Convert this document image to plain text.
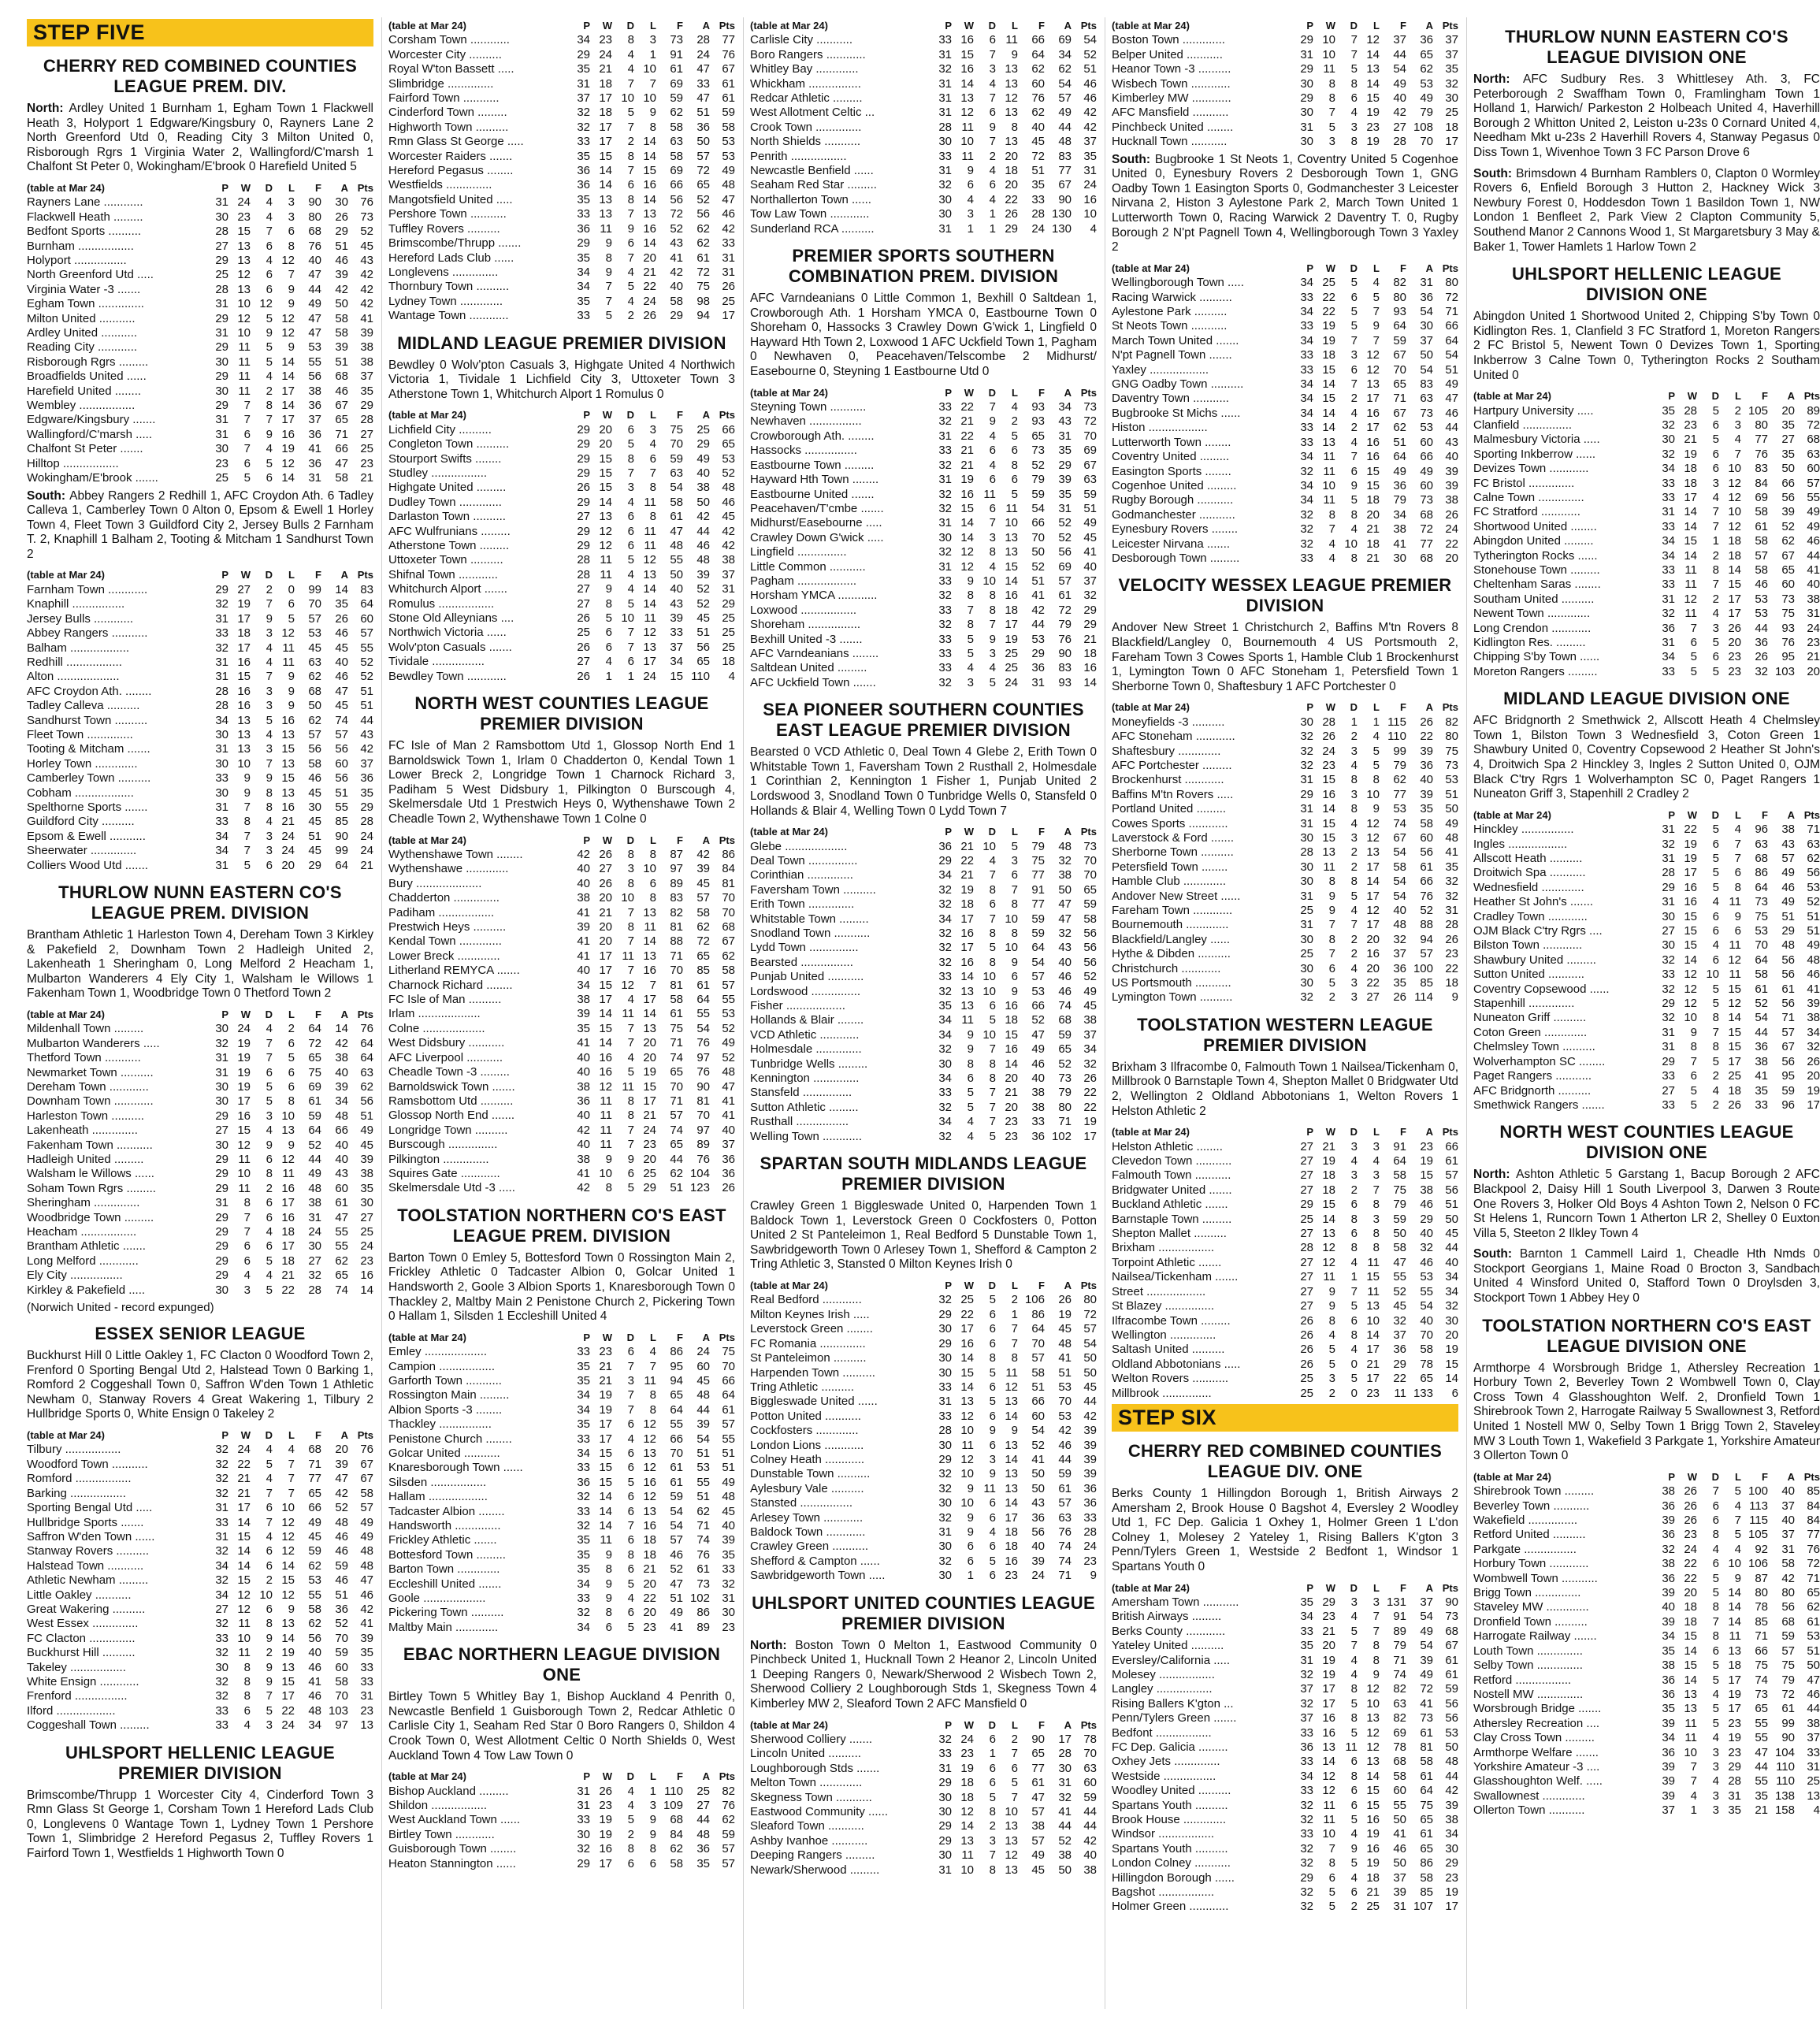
STEP FIVE
CHERRY RED COMBINED COUNTIES LEAGUE PREM. DIV.

North: Ardley United 1 Burnham 1, Egham Town 1 Flackwell Heath 3, Holyport 1 Edgware/Kingsbury 0, Rayners Lane 2 North Greenford Utd 0, Reading City 3 Milton United 0, Risborough Rgrs 1 Virginia Water 2, Wallingford/C'marsh 1 Chalfont St Peter 0, Wokingham/E'brook 0 Harefield United 5

(table at Mar 24)	P	W	D	L	F	A	Pts
Rayners Lane ............	31	24	4	3	90	30	76
Flackwell Heath .........	30	23	4	3	80	26	73
Bedfont Sports ..........	28	15	7	6	68	29	52
Burnham .................	27	13	6	8	76	51	45
Holyport ................	29	13	4	12	40	46	43
North Greenford Utd .....	25	12	6	7	47	39	42
Virginia Water -3 .......	28	13	6	9	44	42	42
Egham Town ..............	31	10	12	9	49	50	42
Milton United ...........	29	12	5	12	47	58	41
Ardley United ...........	31	10	9	12	47	58	39
Reading City ............	29	11	5	9	53	39	38
Risborough Rgrs .........	30	11	5	14	55	51	38
Broadfields United ......	29	11	4	14	56	68	37
Harefield United ........	30	11	2	17	38	46	35
Wembley .................	29	7	8	14	36	67	29
Edgware/Kingsbury .......	31	7	7	17	37	65	28
Wallingford/C'marsh .....	31	6	9	16	36	71	27
Chalfont St Peter .......	30	7	4	19	41	66	25
Hilltop .................	23	6	5	12	36	47	23
Wokingham/E'brook .......	25	5	6	14	31	58	21

South: Abbey Rangers 2 Redhill 1, AFC Croydon Ath. 6 Tadley Calleva 1, Camberley Town 0 Alton 0, Epsom & Ewell 1 Horley Town 4, Fleet Town 3 Guildford City 2, Jersey Bulls 2 Farnham T. 2, Knaphill 1 Balham 2, Tooting & Mitcham 1 Sandhurst Town 2

(table at Mar 24)	P	W	D	L	F	A	Pts
Farnham Town ............	29	27	2	0	99	14	83
Knaphill ................	32	19	7	6	70	35	64
Jersey Bulls ............	31	17	9	5	57	26	60
Abbey Rangers ...........	33	18	3	12	53	46	57
Balham ..................	32	17	4	11	45	45	55
Redhill .................	31	16	4	11	63	40	52
Alton ...................	31	15	7	9	62	46	52
AFC Croydon Ath. ........	28	16	3	9	68	47	51
Tadley Calleva ..........	28	16	3	9	50	45	51
Sandhurst Town ..........	34	13	5	16	62	74	44
Fleet Town ..............	30	13	4	13	57	57	43
Tooting & Mitcham .......	31	13	3	15	56	56	42
Horley Town .............	30	10	7	13	58	60	37
Camberley Town ..........	33	9	9	15	46	56	36
Cobham ..................	30	9	8	13	45	51	35
Spelthorne Sports .......	31	7	8	16	30	55	29
Guildford City ..........	33	8	4	21	45	85	28
Epsom & Ewell ...........	34	7	3	24	51	90	24
Sheerwater ..............	34	7	3	24	45	99	24
Colliers Wood Utd .......	31	5	6	20	29	64	21
THURLOW NUNN EASTERN CO'S LEAGUE PREM. DIVISION

Brantham Athletic 1 Harleston Town 4, Dereham Town 3 Kirkley & Pakefield 2, Downham Town 2 Hadleigh United 2, Lakenheath 1 Sheringham 0, Long Melford 2 Heacham 1, Mulbarton Wanderers 4 Ely City 1, Walsham le Willows 1 Fakenham Town 1, Woodbridge Town 0 Thetford Town 2

(table at Mar 24)	P	W	D	L	F	A	Pts
Mildenhall Town .........	30	24	4	2	64	14	76
Mulbarton Wanderers .....	32	19	7	6	72	42	64
Thetford Town ...........	31	19	7	5	65	38	64
Newmarket Town ..........	31	19	6	6	75	40	63
Dereham Town ............	30	19	5	6	69	39	62
Downham Town ............	30	17	5	8	61	34	56
Harleston Town ..........	29	16	3	10	59	48	51
Lakenheath ..............	27	15	4	13	64	66	49
Fakenham Town ...........	30	12	9	9	52	40	45
Hadleigh United .........	29	11	6	12	44	40	39
Walsham le Willows ......	29	10	8	11	49	43	38
Soham Town Rgrs .........	29	11	2	16	48	60	35
Sheringham ..............	31	8	6	17	38	61	30
Woodbridge Town .........	29	7	6	16	31	47	27
Heacham .................	29	7	4	18	24	55	25
Brantham Athletic .......	29	6	6	17	30	55	24
Long Melford ............	29	6	5	18	27	62	23
Ely City ................	29	4	4	21	32	65	16
Kirkley & Pakefield .....	30	3	5	22	28	74	14
(Norwich United - record expunged)
ESSEX SENIOR LEAGUE

Buckhurst Hill 0 Little Oakley 1, FC Clacton 0 Woodford Town 2, Frenford 0 Sporting Bengal Utd 2, Halstead Town 0 Barking 1, Romford 2 Coggeshall Town 0, Saffron W'den Town 1 Athletic Newham 0, Stanway Rovers 4 Great Wakering 1, Tilbury 2 Hullbridge Sports 0, White Ensign 0 Takeley 2

(table at Mar 24)	P	W	D	L	F	A	Pts
Tilbury .................	32	24	4	4	68	20	76
Woodford Town ...........	32	22	5	7	71	39	67
Romford .................	32	21	4	7	77	47	67
Barking .................	32	21	7	7	65	42	58
Sporting Bengal Utd .....	31	17	6	10	66	52	57
Hullbridge Sports .......	33	14	7	12	49	48	49
Saffron W'den Town ......	31	15	4	12	45	46	49
Stanway Rovers ..........	32	14	6	12	59	46	48
Halstead Town ...........	34	14	6	14	62	59	48
Athletic Newham .........	32	15	2	15	53	46	47
Little Oakley ...........	34	12	10	12	55	51	46
Great Wakering ..........	27	12	6	9	58	36	42
West Essex ..............	32	11	8	13	62	52	41
FC Clacton ..............	33	10	9	14	56	70	39
Buckhurst Hill ..........	32	11	2	19	40	59	35
Takeley .................	30	8	9	13	46	60	33
White Ensign ............	32	8	9	15	41	58	33
Frenford ................	32	8	7	17	46	70	31
Ilford ..................	33	6	5	22	48	103	23
Coggeshall Town .........	33	4	3	24	34	97	13
UHLSPORT HELLENIC LEAGUE PREMIER DIVISION

Brimscombe/Thrupp 1 Worcester City 4, Cinderford Town 3 Rmn Glass St George 1, Corsham Town 1 Hereford Lads Club 0, Longlevens 0 Wantage Town 1, Lydney Town 1 Pershore Town 1, Slimbridge 2 Hereford Pegasus 2, Tuffley Rovers 1 Fairford Town 1, Westfields 1 Highworth Town 0

(table at Mar 24)	P	W	D	L	F	A	Pts
Corsham Town ............	34	23	8	3	73	28	77
Worcester City ..........	29	24	4	1	91	24	76
Royal W'ton Bassett .....	35	21	4	10	61	47	67
Slimbridge ..............	31	18	7	7	69	33	61
Fairford Town ...........	37	17	10	10	59	47	61
Cinderford Town .........	32	18	5	9	62	51	59
Highworth Town ..........	32	17	7	8	58	36	58
Rmn Glass St George .....	33	17	2	14	63	50	53
Worcester Raiders .......	35	15	8	14	58	57	53
Hereford Pegasus ........	36	14	7	15	69	72	49
Westfields ..............	36	14	6	16	66	65	48
Mangotsfield United .....	35	13	8	14	56	52	47
Pershore Town ...........	33	13	7	13	72	56	46
Tuffley Rovers ..........	36	11	9	16	52	62	42
Brimscombe/Thrupp .......	29	9	6	14	43	62	33
Hereford Lads Club ......	35	8	7	20	41	61	31
Longlevens ..............	34	9	4	21	42	72	31
Thornbury Town ..........	34	7	5	22	40	75	26
Lydney Town .............	35	7	4	24	58	98	25
Wantage Town ............	33	5	2	26	29	94	17
MIDLAND LEAGUE PREMIER DIVISION

Bewdley 0 Wolv'pton Casuals 3, Highgate United 4 Northwich Victoria 1, Tividale 1 Lichfield City 3, Uttoxeter Town 3 Atherstone Town 1, Whitchurch Alport 1 Romulus 0

(table at Mar 24)	P	W	D	L	F	A	Pts
Lichfield City ..........	29	20	6	3	75	25	66
Congleton Town ..........	29	20	5	4	70	29	65
Stourport Swifts ........	29	15	8	6	59	49	53
Studley .................	29	15	7	7	63	40	52
Highgate United .........	26	15	3	8	54	38	48
Dudley Town .............	29	14	4	11	58	50	46
Darlaston Town ..........	27	13	6	8	61	42	45
AFC Wulfrunians .........	29	12	6	11	47	44	42
Atherstone Town .........	29	12	6	11	48	46	42
Uttoxeter Town ..........	28	11	5	12	55	48	38
Shifnal Town ............	28	11	4	13	50	39	37
Whitchurch Alport .......	27	9	4	14	40	52	31
Romulus .................	27	8	5	14	43	52	29
Stone Old Alleynians ....	26	5	10	11	39	45	25
Northwich Victoria ......	25	6	7	12	33	51	25
Wolv'pton Casuals .......	26	6	7	13	37	56	25
Tividale ................	27	4	6	17	34	65	18
Bewdley Town ............	26	1	1	24	15	110	4
NORTH WEST COUNTIES LEAGUE PREMIER DIVISION

FC Isle of Man 2 Ramsbottom Utd 1, Glossop North End 1 Barnoldswick Town 1, Irlam 0 Chadderton 0, Kendal Town 1 Lower Breck 2, Longridge Town 1 Charnock Richard 3, Padiham 5 West Didsbury 1, Pilkington 0 Burscough 4, Skelmersdale Utd 1 Prestwich Heys 0, Wythenshawe Town 2 Cheadle Town 2, Wythenshawe Town 1 Colne 0

(table at Mar 24)	P	W	D	L	F	A	Pts
Wythenshawe Town ........	42	26	8	8	87	42	86
Wythenshawe .............	40	27	3	10	97	39	84
Bury ....................	40	26	8	6	89	45	81
Chadderton ..............	38	20	10	8	83	57	70
Padiham .................	41	21	7	13	82	58	70
Prestwich Heys ..........	39	20	8	11	81	62	68
Kendal Town .............	41	20	7	14	88	72	67
Lower Breck .............	41	17	11	13	71	65	62
Litherland REMYCA .......	40	17	7	16	70	85	58
Charnock Richard ........	34	15	12	7	81	61	57
FC Isle of Man ..........	38	17	4	17	58	64	55
Irlam ...................	39	14	11	14	61	55	53
Colne ...................	35	15	7	13	75	54	52
West Didsbury ...........	41	14	7	20	71	76	49
AFC Liverpool ...........	40	16	4	20	74	97	52
Cheadle Town -3 .........	40	16	5	19	65	76	48
Barnoldswick Town .......	38	12	11	15	70	90	47
Ramsbottom Utd ..........	36	11	8	17	71	81	41
Glossop North End .......	40	11	8	21	57	70	41
Longridge Town ..........	42	11	7	24	74	97	40
Burscough ...............	40	11	7	23	65	89	37
Pilkington ..............	38	9	9	20	44	76	36
Squires Gate ............	41	10	6	25	62	104	36
Skelmersdale Utd -3 .....	42	8	5	29	51	123	26
TOOLSTATION NORTHERN CO'S EAST LEAGUE PREM. DIVISION

Barton Town 0 Emley 5, Bottesford Town 0 Rossington Main 2, Frickley Athletic 0 Tadcaster Albion 0, Golcar United 1 Handsworth 2, Goole 3 Albion Sports 1, Knaresborough Town 0 Thackley 2, Maltby Main 2 Penistone Church 2, Pickering Town 0 Hallam 1, Silsden 1 Eccleshill United 4

(table at Mar 24)	P	W	D	L	F	A	Pts
Emley ...................	33	23	6	4	86	24	75
Campion .................	35	21	7	7	95	60	70
Garforth Town ...........	35	21	3	11	94	45	66
Rossington Main .........	34	19	7	8	65	48	64
Albion Sports -3 ........	34	19	7	8	64	44	61
Thackley ................	35	17	6	12	55	39	57
Penistone Church ........	33	17	4	12	66	54	55
Golcar United ...........	34	15	6	13	70	51	51
Knaresborough Town ......	33	15	6	12	61	53	51
Silsden .................	36	15	5	16	61	55	49
Hallam ..................	32	14	6	12	59	51	48
Tadcaster Albion ........	33	14	6	13	54	62	45
Handsworth ..............	32	14	7	16	54	71	40
Frickley Athletic .......	35	11	6	18	57	74	39
Bottesford Town .........	35	9	8	18	46	76	35
Barton Town .............	35	8	6	21	52	61	33
Eccleshill United .......	34	9	5	20	47	73	32
Goole ...................	33	9	4	22	51	102	31
Pickering Town ..........	32	8	6	20	49	86	30
Maltby Main .............	34	6	5	23	41	89	23
EBAC NORTHERN LEAGUE DIVISION ONE

Birtley Town 5 Whitley Bay 1, Bishop Auckland 4 Penrith 0, Newcastle Benfield 1 Guisborough Town 2, Redcar Athletic 0 Carlisle City 1, Seaham Red Star 0 Boro Rangers 0, Shildon 4 Crook Town 0, West Allotment Celtic 0 North Shields 0, West Auckland Town 4 Tow Law Town 0

(table at Mar 24)	P	W	D	L	F	A	Pts
Bishop Auckland .........	31	26	4	1	110	25	82
Shildon .................	31	23	4	3	109	27	76
West Auckland Town ......	33	19	5	9	68	44	62
Birtley Town ............	30	19	2	9	84	48	59
Guisborough Town ........	32	16	8	8	62	36	57
Heaton Stannington ......	29	17	6	6	58	35	57
(table at Mar 24)	P	W	D	L	F	A	Pts
Carlisle City ...........	33	16	6	11	66	69	54
Boro Rangers ............	31	15	7	9	64	34	52
Whitley Bay .............	32	16	3	13	62	62	51
Whickham ................	31	14	4	13	60	54	46
Redcar Athletic .........	31	13	7	12	76	57	46
West Allotment Celtic ...	31	12	6	13	62	49	42
Crook Town ..............	28	11	9	8	40	44	42
North Shields ...........	30	10	7	13	45	48	37
Penrith .................	33	11	2	20	72	83	35
Newcastle Benfield ......	31	9	4	18	51	77	31
Seaham Red Star .........	32	6	6	20	35	67	24
Northallerton Town ......	30	4	4	22	33	90	16
Tow Law Town ............	30	3	1	26	28	130	10
Sunderland RCA ..........	31	1	1	29	24	130	4
PREMIER SPORTS SOUTHERN COMBINATION PREM. DIVISION

AFC Varndeanians 0 Little Common 1, Bexhill 0 Saltdean 1, Crowborough Ath. 1 Horsham YMCA 0, Eastbourne Town 0 Shoreham 0, Hassocks 3 Crawley Down G'wick 1, Lingfield 0 Hayward Hth Town 2, Loxwood 1 AFC Uckfield Town 1, Pagham 0 Newhaven 0, Peacehaven/Telscombe 2 Midhurst/ Easebourne 0, Steyning 1 Eastbourne Utd 0

(table at Mar 24)	P	W	D	L	F	A	Pts
Steyning Town ...........	33	22	7	4	93	34	73
Newhaven ................	32	21	9	2	93	43	72
Crowborough Ath. ........	31	22	4	5	65	31	70
Hassocks ................	33	21	6	6	73	35	69
Eastbourne Town .........	32	21	4	8	52	29	67
Hayward Hth Town ........	31	19	6	6	79	39	63
Eastbourne United .......	32	16	11	5	59	35	59
Peacehaven/T'cmbe .......	32	15	6	11	54	31	51
Midhurst/Easebourne .....	31	14	7	10	66	52	49
Crawley Down G'wick .....	30	14	3	13	70	52	45
Lingfield ...............	32	12	8	13	50	56	41
Little Common ...........	31	12	4	15	52	69	40
Pagham ..................	33	9	10	14	51	57	37
Horsham YMCA ............	32	8	8	16	41	61	32
Loxwood .................	33	7	8	18	42	72	29
Shoreham ................	32	8	7	17	44	79	29
Bexhill United -3 .......	33	5	9	19	53	76	21
AFC Varndeanians ........	33	5	3	25	29	90	18
Saltdean United .........	33	4	4	25	36	83	16
AFC Uckfield Town .......	32	3	5	24	31	93	14
SEA PIONEER SOUTHERN COUNTIES EAST LEAGUE PREMIER DIVISION

Bearsted 0 VCD Athletic 0, Deal Town 4 Glebe 2, Erith Town 0 Whitstable Town 1, Faversham Town 2 Rusthall 2, Holmesdale 1 Corinthian 2, Kennington 1 Fisher 1, Punjab United 2 Lordswood 3, Snodland Town 0 Tunbridge Wells 0, Stansfeld 0 Hollands & Blair 4, Welling Town 0 Lydd Town 7

(table at Mar 24)	P	W	D	L	F	A	Pts
Glebe ...................	36	21	10	5	79	48	73
Deal Town ...............	29	22	4	3	75	32	70
Corinthian ..............	34	21	7	6	77	38	70
Faversham Town ..........	32	19	8	7	91	50	65
Erith Town ..............	32	18	6	8	77	47	59
Whitstable Town .........	34	17	7	10	59	47	58
Snodland Town ...........	32	16	8	8	59	32	56
Lydd Town ...............	32	17	5	10	64	43	56
Bearsted ................	32	16	8	9	54	40	56
Punjab United ...........	33	14	10	6	57	46	52
Lordswood ...............	32	13	10	9	53	46	49
Fisher ..................	35	13	6	16	66	74	45
Hollands & Blair ........	34	11	5	18	52	68	38
VCD Athletic ............	34	9	10	15	47	59	37
Holmesdale ..............	32	9	7	16	49	65	34
Tunbridge Wells .........	30	8	8	14	46	52	32
Kennington ..............	34	6	8	20	40	73	26
Stansfeld ...............	33	5	7	21	38	79	22
Sutton Athletic .........	32	5	7	20	38	80	22
Rusthall ................	34	4	7	23	33	71	19
Welling Town ............	32	4	5	23	36	102	17
SPARTAN SOUTH MIDLANDS LEAGUE PREMIER DIVISION

Crawley Green 1 Biggleswade United 0, Harpenden Town 1 Baldock Town 1, Leverstock Green 0 Cockfosters 0, Potton United 2 St Panteleimon 1, Real Bedford 5 Dunstable Town 1, Sawbridgeworth Town 0 Arlesey Town 1, Shefford & Campton 2 Tring Athletic 3, Stansted 0 Milton Keynes Irish 0

(table at Mar 24)	P	W	D	L	F	A	Pts
Real Bedford ............	32	25	5	2	106	26	80
Milton Keynes Irish .....	29	22	6	1	86	19	72
Leverstock Green ........	30	17	6	7	64	45	57
FC Romania ..............	29	16	6	7	70	48	54
St Panteleimon ..........	30	14	8	8	57	41	50
Harpenden Town ..........	30	15	5	11	58	51	50
Tring Athletic ..........	33	14	6	12	51	53	45
Biggleswade United ......	31	13	5	13	66	70	44
Potton United ...........	33	12	6	14	60	53	42
Cockfosters .............	28	10	9	9	54	42	39
London Lions ............	30	11	6	13	52	46	39
Colney Heath ............	29	12	3	14	41	44	39
Dunstable Town ..........	32	10	9	13	50	59	39
Aylesbury Vale ..........	32	9	11	13	50	61	36
Stansted ................	30	10	6	14	43	57	36
Arlesey Town ............	32	9	6	17	36	63	33
Baldock Town ............	31	9	4	18	56	76	28
Crawley Green ...........	30	6	6	18	40	74	24
Shefford & Campton ......	32	6	5	16	39	74	23
Sawbridgeworth Town .....	30	1	6	23	24	71	9
UHLSPORT UNITED COUNTIES LEAGUE PREMIER DIVISION

North: Boston Town 0 Melton 1, Eastwood Community 0 Pinchbeck United 1, Hucknall Town 2 Heanor 2, Lincoln United 1 Deeping Rangers 0, Newark/Sherwood 2 Wisbech Town 2, Sherwood Colliery 2 Loughborough Stds 1, Skegness Town 4 Kimberley MW 2, Sleaford Town 2 AFC Mansfield 0

(table at Mar 24)	P	W	D	L	F	A	Pts
Sherwood Colliery .......	32	24	6	2	90	17	78
Lincoln United ..........	33	23	1	7	65	28	70
Loughborough Stds .......	31	19	6	6	77	30	63
Melton Town .............	29	18	6	5	61	31	60
Skegness Town ...........	30	18	5	7	47	32	59
Eastwood Community ......	30	12	8	10	57	41	44
Sleaford Town ...........	29	14	2	13	38	44	44
Ashby Ivanhoe ...........	29	13	3	13	57	52	42
Deeping Rangers .........	30	11	7	12	49	38	40
Newark/Sherwood .........	31	10	8	13	45	50	38
(table at Mar 24)	P	W	D	L	F	A	Pts
Boston Town .............	29	10	7	12	37	36	37
Belper United ...........	31	10	7	14	44	65	37
Heanor Town -3 ..........	29	11	5	13	54	62	35
Wisbech Town ............	30	8	8	14	49	53	32
Kimberley MW ............	29	8	6	15	40	49	30
AFC Mansfield ...........	30	7	4	19	42	79	25
Pinchbeck United ........	31	5	3	23	27	108	18
Hucknall Town ...........	30	3	8	19	28	70	17

South: Bugbrooke 1 St Neots 1, Coventry United 5 Cogenhoe United 0, Eynesbury Rovers 2 Desborough Town 1, GNG Oadby Town 1 Easington Sports 0, Godmanchester 3 Leicester Nirvana 2, Histon 3 Aylestone Park 2, March Town United 1 Lutterworth Town 0, Racing Warwick 2 Daventry T. 0, Rugby Borough 2 N'pt Pagnell Town 4, Wellingborough Town 3 Yaxley 2

(table at Mar 24)	P	W	D	L	F	A	Pts
Wellingborough Town .....	34	25	5	4	82	31	80
Racing Warwick ..........	33	22	6	5	80	36	72
Aylestone Park ..........	34	22	5	7	93	54	71
St Neots Town ...........	33	19	5	9	64	30	66
March Town United .......	34	19	7	7	59	37	64
N'pt Pagnell Town .......	33	18	3	12	67	50	54
Yaxley ..................	33	15	6	12	70	54	51
GNG Oadby Town ..........	34	14	7	13	65	83	49
Daventry Town ...........	34	15	2	17	71	63	47
Bugbrooke St Michs ......	34	14	4	16	67	73	46
Histon ..................	33	14	2	17	62	53	44
Lutterworth Town ........	33	13	4	16	51	60	43
Coventry United .........	34	11	7	16	64	66	40
Easington Sports ........	32	11	6	15	49	49	39
Cogenhoe United .........	34	10	9	15	36	60	39
Rugby Borough ...........	34	11	5	18	79	73	38
Godmanchester ...........	32	8	8	20	34	68	26
Eynesbury Rovers ........	32	7	4	21	38	72	24
Leicester Nirvana .......	32	4	10	18	41	77	22
Desborough Town .........	33	4	8	21	30	68	20
VELOCITY WESSEX LEAGUE PREMIER DIVISION

Andover New Street 1 Christchurch 2, Baffins M'tn Rovers 8 Blackfield/Langley 0, Bournemouth 4 US Portsmouth 2, Fareham Town 3 Cowes Sports 1, Hamble Club 1 Brockenhurst 1, Lymington Town 0 AFC Stoneham 1, Petersfield Town 1 Sherborne Town 0, Shaftesbury 1 AFC Portchester 0

(table at Mar 24)	P	W	D	L	F	A	Pts
Moneyfields -3 ..........	30	28	1	1	115	26	82
AFC Stoneham ............	32	26	2	4	110	22	80
Shaftesbury .............	32	24	3	5	99	39	75
AFC Portchester .........	32	23	4	5	79	36	73
Brockenhurst ............	31	15	8	8	62	40	53
Baffins M'tn Rovers .....	29	16	3	10	77	39	51
Portland United .........	31	14	8	9	53	35	50
Cowes Sports ............	31	15	4	12	74	58	49
Laverstock & Ford .......	30	15	3	12	67	60	48
Sherborne Town ..........	28	13	2	13	54	56	41
Petersfield Town ........	30	11	2	17	58	61	35
Hamble Club .............	30	8	8	14	54	66	32
Andover New Street ......	31	9	5	17	54	76	32
Fareham Town ............	25	9	4	12	40	52	31
Bournemouth .............	31	7	7	17	48	88	28
Blackfield/Langley ......	30	8	2	20	32	94	26
Hythe & Dibden ..........	25	7	2	16	37	57	23
Christchurch ............	30	6	4	20	36	100	22
US Portsmouth ...........	30	5	3	22	35	85	18
Lymington Town ..........	32	2	3	27	26	114	9
TOOLSTATION WESTERN LEAGUE PREMIER DIVISION

Brixham 3 Ilfracombe 0, Falmouth Town 1 Nailsea/Tickenham 0, Millbrook 0 Barnstaple Town 4, Shepton Mallet 0 Bridgwater Utd 2, Wellington 2 Oldland Abbotonians 1, Welton Rovers 1 Helston Athletic 2

(table at Mar 24)	P	W	D	L	F	A	Pts
Helston Athletic ........	27	21	3	3	91	23	66
Clevedon Town ...........	27	19	4	4	64	19	61
Falmouth Town ...........	27	18	3	3	58	15	57
Bridgwater United .......	27	18	2	7	75	38	56
Buckland Athletic .......	29	15	6	8	79	46	51
Barnstaple Town .........	25	14	8	3	59	29	50
Shepton Mallet ..........	27	13	6	8	50	40	45
Brixham .................	28	12	8	8	58	32	44
Torpoint Athletic .......	27	12	4	11	47	46	40
Nailsea/Tickenham .......	27	11	1	15	55	53	34
Street ..................	27	9	7	11	52	55	34
St Blazey ...............	27	9	5	13	45	54	32
Ilfracombe Town .........	26	8	6	10	32	40	30
Wellington ..............	26	4	8	14	37	70	20
Saltash United ..........	26	5	4	17	36	58	19
Oldland Abbotonians .....	26	5	0	21	29	78	15
Welton Rovers ...........	25	3	5	17	22	65	14
Millbrook ...............	25	2	0	23	11	133	6
STEP SIX
CHERRY RED COMBINED COUNTIES LEAGUE DIV. ONE

Berks County 1 Hillingdon Borough 1, British Airways 2 Amersham 2, Brook House 0 Bagshot 4, Eversley 2 Woodley Utd 1, FC Dep. Galicia 1 Oxhey 1, Holmer Green 1 L'don Colney 1, Molesey 2 Yateley 1, Rising Ballers K'gton 3 Penn/Tylers Green 1, Westside 2 Bedfont 1, Windsor 1 Spartans Youth 0

(table at Mar 24)	P	W	D	L	F	A	Pts
Amersham Town ...........	35	29	3	3	131	37	90
British Airways .........	34	23	4	7	91	54	73
Berks County ............	33	21	5	7	89	49	68
Yateley United ..........	35	20	7	8	79	54	67
Eversley/California .....	31	19	4	8	71	39	61
Molesey .................	32	19	4	9	74	49	61
Langley .................	37	17	8	12	82	72	59
Rising Ballers K'gton ...	32	17	5	10	63	41	56
Penn/Tylers Green .......	37	16	8	13	82	73	56
Bedfont .................	33	16	5	12	69	61	53
FC Dep. Galicia .........	36	13	11	12	78	81	50
Oxhey Jets ..............	33	14	6	13	68	58	48
Westside ................	34	12	8	14	58	61	44
Woodley United ..........	33	12	6	15	60	64	42
Spartans Youth ..........	32	11	6	15	55	75	39
Brook House .............	32	11	5	16	50	65	38
Windsor .................	33	10	4	19	41	61	34
Spartans Youth ..........	32	7	9	16	46	65	30
London Colney ...........	32	8	5	19	50	86	29
Hillingdon Borough ......	29	6	4	18	37	58	23
Bagshot .................	32	5	6	21	39	85	19
Holmer Green ............	32	5	2	25	31	107	17
THURLOW NUNN EASTERN CO'S LEAGUE DIVISION ONE

North: AFC Sudbury Res. 3 Whittlesey Ath. 3, FC Peterborough 2 Swaffham Town 0, Framlingham Town 1 Holland 1, Harwich/ Parkeston 2 Holbeach United 4, Haverhill Borough 2 Whitton United 2, Leiston u-23s 0 Cornard United 4, Needham Mkt u-23s 2 Haverhill Rovers 4, Stanway Pegasus 0 Diss Town 1, Wivenhoe Town 3 FC Parson Drove 6

South: Brimsdown 4 Burnham Ramblers 0, Clapton 0 Wormley Rovers 6, Enfield Borough 3 Hutton 2, Hackney Wick 3 Newbury Forest 0, Hoddesdon Town 1 Basildon Town 1, NW London 1 Benfleet 2, Park View 2 Clapton Community 5, Southend Manor 2 Cannons Wood 1, St Margaretsbury 3 May & Baker 1, Tower Hamlets 1 Harlow Town 2

UHLSPORT HELLENIC LEAGUE DIVISION ONE

Abingdon United 1 Shortwood United 2, Chipping S'by Town 0 Kidlington Res. 1, Clanfield 3 FC Stratford 1, Moreton Rangers 2 FC Bristol 5, Newent Town 0 Devizes Town 1, Sporting Inkberrow 3 Calne Town 0, Tytherington Rocks 2 Southam United 0

(table at Mar 24)	P	W	D	L	F	A	Pts
Hartpury University .....	35	28	5	2	105	20	89
Clanfield ...............	32	23	6	3	80	35	72
Malmesbury Victoria .....	30	21	5	4	77	27	68
Sporting Inkberrow ......	32	19	6	7	76	35	63
Devizes Town ............	34	18	6	10	83	50	60
FC Bristol ..............	33	18	3	12	84	66	57
Calne Town ..............	33	17	4	12	69	56	55
FC Stratford ............	31	14	7	10	58	39	49
Shortwood United ........	33	14	7	12	61	52	49
Abingdon United .........	34	15	1	18	58	62	46
Tytherington Rocks ......	34	14	2	18	57	67	44
Stonehouse Town .........	33	11	8	14	58	65	41
Cheltenham Saras ........	33	11	7	15	46	60	40
Southam United ..........	31	12	2	17	53	73	38
Newent Town .............	32	11	4	17	53	75	31
Long Crendon ............	36	7	3	26	44	93	24
Kidlington Res. .........	31	6	5	20	36	76	23
Chipping S'by Town ......	34	5	6	23	26	95	21
Moreton Rangers .........	33	5	5	23	32	103	20
MIDLAND LEAGUE DIVISION ONE

AFC Bridgnorth 2 Smethwick 2, Allscott Heath 4 Chelmsley Town 1, Bilston Town 3 Wednesfield 3, Coton Green 1 Shawbury United 0, Coventry Copsewood 2 Heather St John's 4, Droitwich Spa 2 Hinckley 3, Ingles 2 Sutton United 0, OJM Black C'try Rgrs 1 Wolverhampton SC 0, Paget Rangers 1 Nuneaton Griff 3, Stapenhill 2 Cradley 2

(table at Mar 24)	P	W	D	L	F	A	Pts
Hinckley ................	31	22	5	4	96	38	71
Ingles ..................	32	19	6	7	63	43	63
Allscott Heath ..........	31	19	5	7	68	57	62
Droitwich Spa ...........	28	17	5	6	86	49	56
Wednesfield .............	29	16	5	8	64	46	53
Heather St John's .......	31	16	4	11	73	49	52
Cradley Town ............	30	15	6	9	75	51	51
OJM Black C'try Rgrs ....	27	15	6	6	53	29	51
Bilston Town ............	30	15	4	11	70	48	49
Shawbury United .........	32	14	6	12	64	56	48
Sutton United ...........	33	12	10	11	58	56	46
Coventry Copsewood ......	32	12	5	15	61	61	41
Stapenhill ..............	29	12	5	12	52	56	39
Nuneaton Griff ..........	32	10	8	14	54	71	38
Coton Green .............	31	9	7	15	44	57	34
Chelmsley Town ..........	31	8	8	15	36	67	32
Wolverhampton SC ........	29	7	5	17	38	56	26
Paget Rangers ...........	33	6	2	25	41	95	20
AFC Bridgnorth ..........	27	5	4	18	35	59	19
Smethwick Rangers .......	33	5	2	26	33	96	17
NORTH WEST COUNTIES LEAGUE DIVISION ONE

North: Ashton Athletic 5 Garstang 1, Bacup Borough 2 AFC Blackpool 2, Daisy Hill 1 South Liverpool 3, Darwen 3 Route One Rovers 3, Holker Old Boys 4 Ashton Town 2, Nelson 0 FC St Helens 1, Runcorn Town 1 Atherton LR 2, Shelley 0 Euxton Villa 5, Steeton 2 Ilkley Town 4

South: Barnton 1 Cammell Laird 1, Cheadle Hth Nmds 0 Stockport Georgians 1, Maine Road 0 Brocton 3, Sandbach United 4 Winsford United 0, Stafford Town 0 Droylsden 3, Stockport Town 1 Abbey Hey 0

TOOLSTATION NORTHERN CO'S EAST LEAGUE DIVISION ONE

Armthorpe 4 Worsbrough Bridge 1, Athersley Recreation 1 Horbury Town 2, Beverley Town 2 Wombwell Town 0, Clay Cross Town 4 Glasshoughton Welf. 2, Dronfield Town 1 Shirebrook Town 2, Harrogate Railway 5 Swallownest 3, Retford United 1 Nostell MW 0, Selby Town 1 Brigg Town 2, Staveley MW 3 Louth Town 1, Wakefield 3 Parkgate 1, Yorkshire Amateur 3 Ollerton Town 0

(table at Mar 24)	P	W	D	L	F	A	Pts
Shirebrook Town .........	38	26	7	5	100	40	85
Beverley Town ...........	36	26	6	4	113	37	84
Wakefield ...............	39	26	6	7	115	40	84
Retford United ..........	36	23	8	5	105	37	77
Parkgate ................	32	24	4	4	92	31	76
Horbury Town ............	38	22	6	10	106	58	72
Wombwell Town ...........	36	22	5	9	87	42	71
Brigg Town ..............	39	20	5	14	80	80	65
Staveley MW .............	40	18	8	14	78	56	62
Dronfield Town ..........	39	18	7	14	85	68	61
Harrogate Railway .......	34	15	8	11	71	59	53
Louth Town ..............	35	14	6	13	66	57	51
Selby Town ..............	38	15	5	18	75	75	50
Retford .................	36	14	5	17	74	79	47
Nostell MW ..............	36	13	4	19	73	72	46
Worsbrough Bridge .......	35	13	5	17	65	61	44
Athersley Recreation ....	39	11	5	23	55	99	38
Clay Cross Town .........	34	11	4	19	55	90	37
Armthorpe Welfare .......	36	10	3	23	47	104	33
Yorkshire Amateur -3 ....	39	7	3	29	44	110	31
Glasshoughton Welf. .....	39	7	4	28	55	110	25
Swallownest .............	39	4	3	31	35	138	13
Ollerton Town ...........	37	1	3	35	21	158	4
